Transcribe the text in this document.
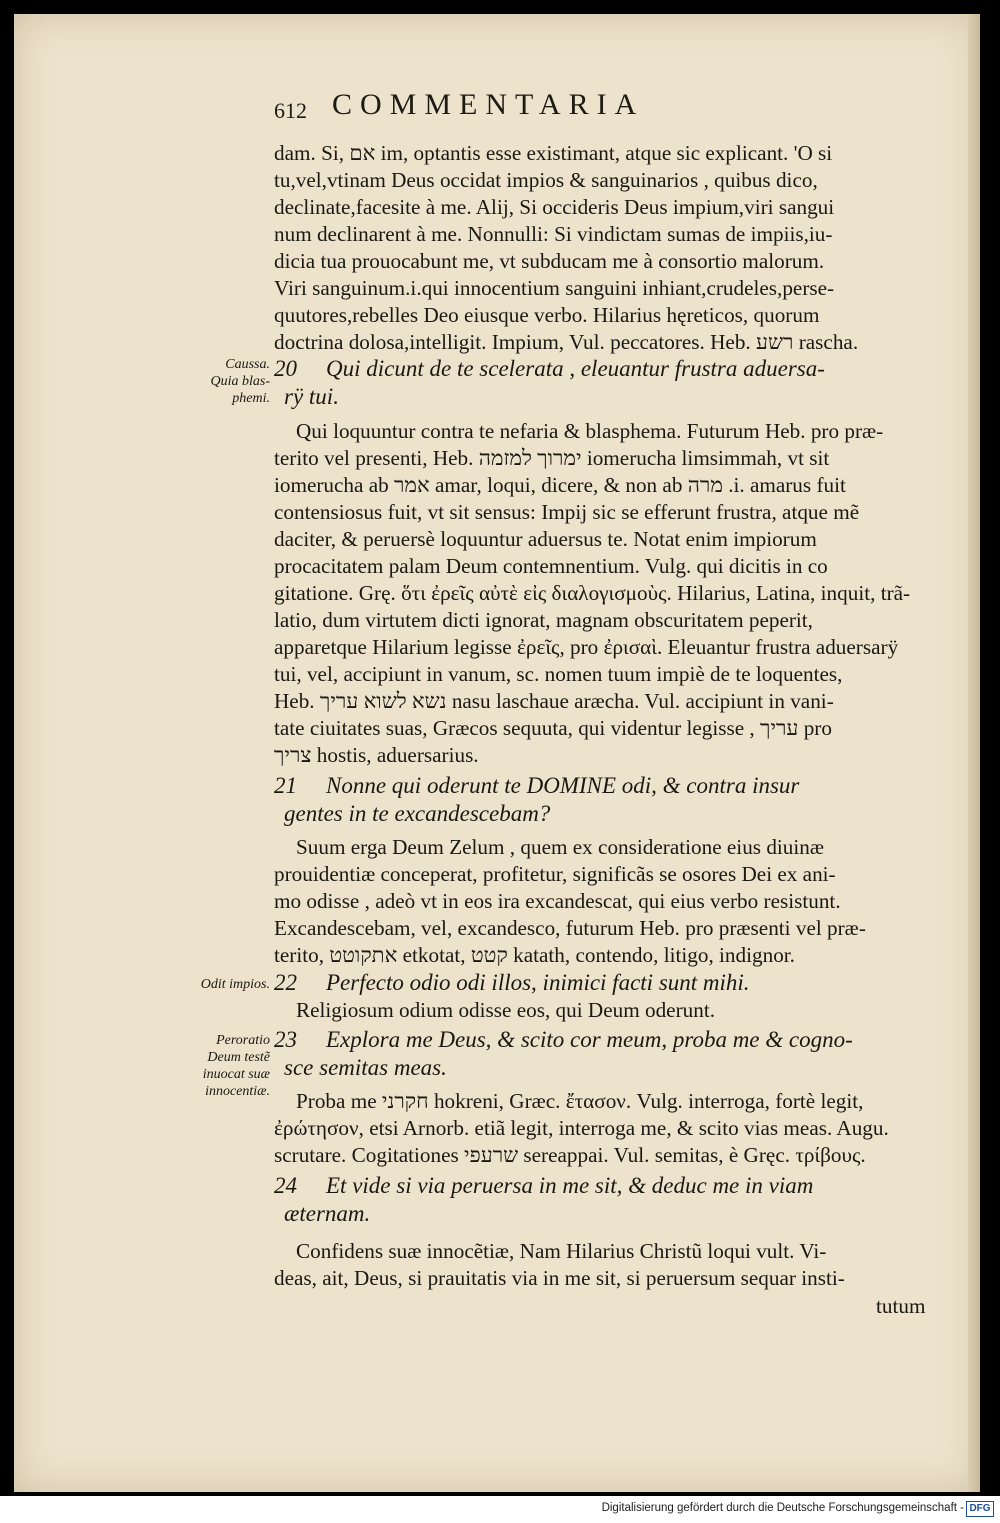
612 COMMENTARIA
Caussa.
Quia blas-
phemi.
Odit impios.
Peroratio
Deum testẽ
inuocat suæ
innocentiæ.
dam. Si, אם im, optantis esse existimant, atque sic explicant. 'O si
tu,vel,vtinam Deus occidat impios & sanguinarios , quibus dico,
declinate,facesite à me. Alij, Si occideris Deus impium,viri sangui
num declinarent à me. Nonnulli: Si vindictam sumas de impiis,iu-
dicia tua prouocabunt me, vt subducam me à consortio malorum.
Viri sanguinum.i.qui innocentium sanguini inhiant,crudeles,perse-
quutores,rebelles Deo eiusque verbo. Hilarius hęreticos, quorum
doctrina dolosa,intelligit. Impium, Vul. peccatores. Heb. רשע rascha.
20 Qui dicunt de te scelerata , eleuantur frustra aduersa-
rÿ tui.
Qui loquuntur contra te nefaria & blasphema. Futurum Heb. pro præ-
terito vel presenti, Heb. ימרוך למזמה iomerucha limsimmah, vt sit
iomerucha ab אמר amar, loqui, dicere, & non ab מרה .i. amarus fuit
contensiosus fuit, vt sit sensus: Impij sic se efferunt frustra, atque mẽ
daciter, & peruersè loquuntur aduersus te. Notat enim impiorum
procacitatem palam Deum contemnentium. Vulg. qui dicitis in co
gitatione. Grę. ὅτι ἐρεῖς αὐτὲ εἰς διαλογισμοὺς. Hilarius, Latina, inquit, trã-
latio, dum virtutem dicti ignorat, magnam obscuritatem peperit,
apparetque Hilarium legisse ἐρεῖς, pro ἐρισαὶ. Eleuantur frustra aduersarÿ
tui, vel, accipiunt in vanum, sc. nomen tuum impiè de te loquentes,
Heb. נשא לשוא עריך nasu laschaue aræcha. Vul. accipiunt in vani-
tate ciuitates suas, Græcos sequuta, qui videntur legisse , עריך pro
צריך hostis, aduersarius.
21 Nonne qui oderunt te DOMINE odi, & contra insur
gentes in te excandescebam?
Suum erga Deum Zelum , quem ex consideratione eius diuinæ
prouidentiæ conceperat, profitetur, significãs se osores Dei ex ani-
mo odisse , adeò vt in eos ira excandescat, qui eius verbo resistunt.
Excandescebam, vel, excandesco, futurum Heb. pro præsenti vel præ-
terito, אתקוטט etkotat, קטט katath, contendo, litigo, indignor.
22 Perfecto odio odi illos, inimici facti sunt mihi.
Religiosum odium odisse eos, qui Deum oderunt.
23 Explora me Deus, & scito cor meum, proba me & cogno-
sce semitas meas.
Proba me חקרני hokreni, Græc. ἔτασον. Vulg. interroga, fortè legit,
ἐρώτησον, etsi Arnorb. etiã legit, interroga me, & scito vias meas. Augu.
scrutare. Cogitationes שרעפי sereappai. Vul. semitas, è Gręc. τρίβους.
24 Et vide si via peruersa in me sit, & deduc me in viam
æternam.
Confidens suæ innocẽtiæ, Nam Hilarius Christũ loqui vult. Vi-
deas, ait, Deus, si prauitatis via in me sit, si peruersum sequar insti-
tutum
Digitalisierung gefördert durch die Deutsche Forschungsgemeinschaft - DFG
